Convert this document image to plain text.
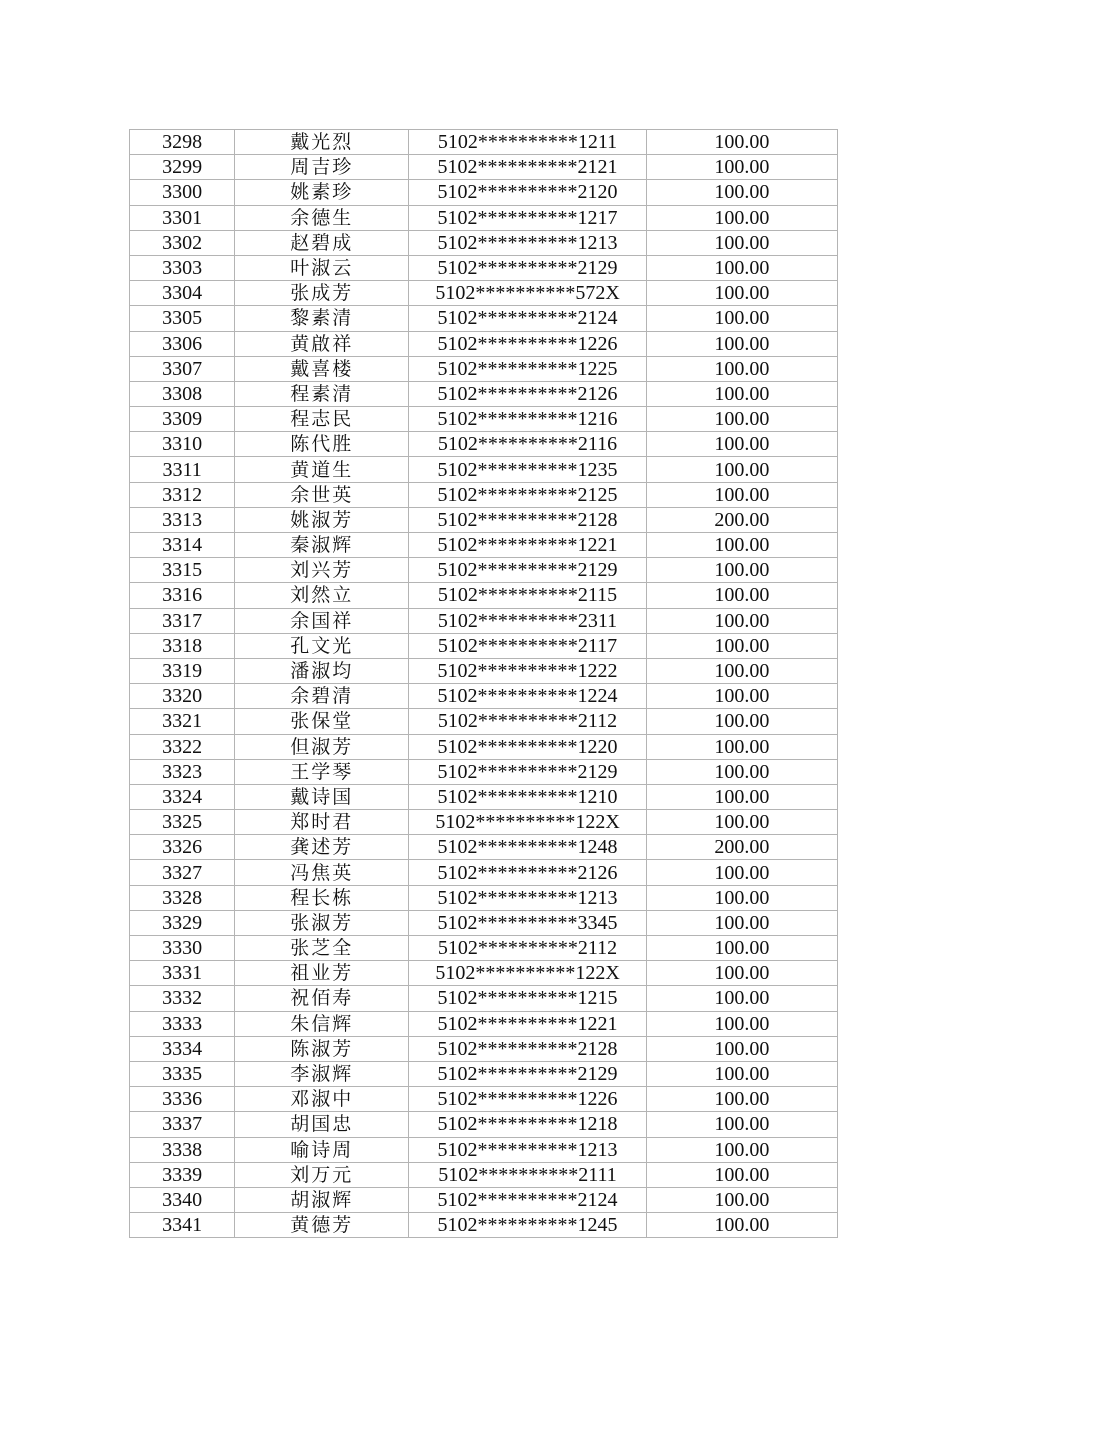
3298	戴光烈	5102**********1211	100.00
3299	周吉珍	5102**********2121	100.00
3300	姚素珍	5102**********2120	100.00
3301	余德生	5102**********1217	100.00
3302	赵碧成	5102**********1213	100.00
3303	叶淑云	5102**********2129	100.00
3304	张成芳	5102**********572X	100.00
3305	黎素清	5102**********2124	100.00
3306	黄啟祥	5102**********1226	100.00
3307	戴喜楼	5102**********1225	100.00
3308	程素清	5102**********2126	100.00
3309	程志民	5102**********1216	100.00
3310	陈代胜	5102**********2116	100.00
3311	黄道生	5102**********1235	100.00
3312	余世英	5102**********2125	100.00
3313	姚淑芳	5102**********2128	200.00
3314	秦淑辉	5102**********1221	100.00
3315	刘兴芳	5102**********2129	100.00
3316	刘然立	5102**********2115	100.00
3317	余国祥	5102**********2311	100.00
3318	孔文光	5102**********2117	100.00
3319	潘淑均	5102**********1222	100.00
3320	余碧清	5102**********1224	100.00
3321	张保堂	5102**********2112	100.00
3322	但淑芳	5102**********1220	100.00
3323	王学琴	5102**********2129	100.00
3324	戴诗国	5102**********1210	100.00
3325	郑时君	5102**********122X	100.00
3326	龚述芳	5102**********1248	200.00
3327	冯焦英	5102**********2126	100.00
3328	程长栋	5102**********1213	100.00
3329	张淑芳	5102**********3345	100.00
3330	张芝全	5102**********2112	100.00
3331	祖业芳	5102**********122X	100.00
3332	祝佰寿	5102**********1215	100.00
3333	朱信辉	5102**********1221	100.00
3334	陈淑芳	5102**********2128	100.00
3335	李淑辉	5102**********2129	100.00
3336	邓淑中	5102**********1226	100.00
3337	胡国忠	5102**********1218	100.00
3338	喻诗周	5102**********1213	100.00
3339	刘万元	5102**********2111	100.00
3340	胡淑辉	5102**********2124	100.00
3341	黄德芳	5102**********1245	100.00
